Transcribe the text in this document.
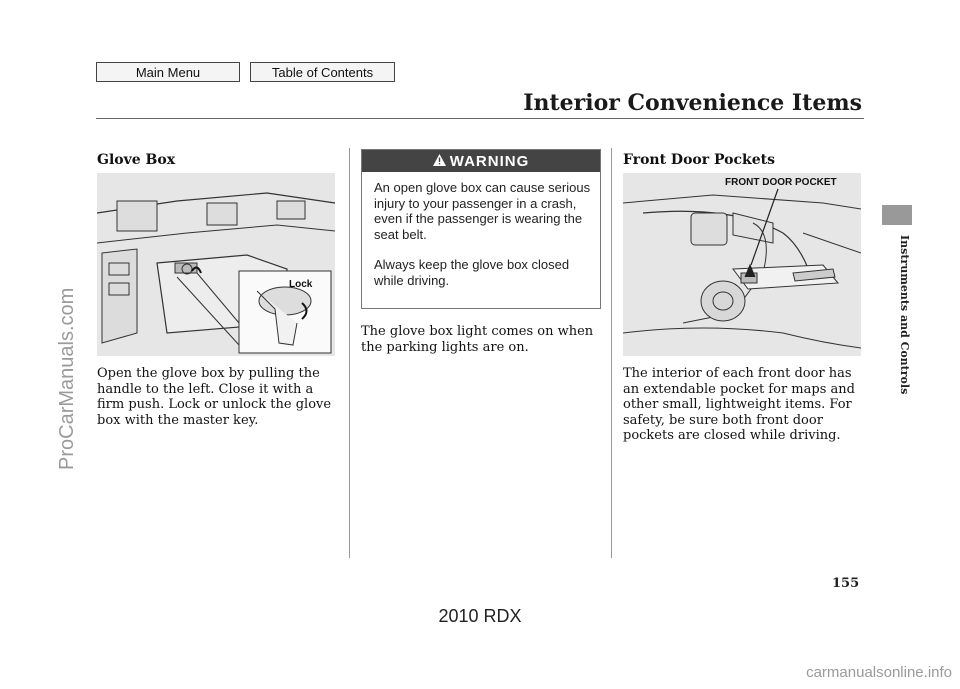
Main Menu	Table of Contents
Interior Convenience Items
Instruments and Controls
Glove Box
Lock
Open the glove box by pulling the handle to the left. Close it with a firm push. Lock or unlock the glove box with the master key.
WARNING
An open glove box can cause serious injury to your passenger in a crash, even if the passenger is wearing the seat belt.
Always keep the glove box closed while driving.
The glove box light comes on when the parking lights are on.
Front Door Pockets
FRONT DOOR POCKET
The interior of each front door has an extendable pocket for maps and other small, lightweight items. For safety, be sure both front door pockets are closed while driving.
155
2010 RDX
ProCarManuals.com
carmanualsonline.info
